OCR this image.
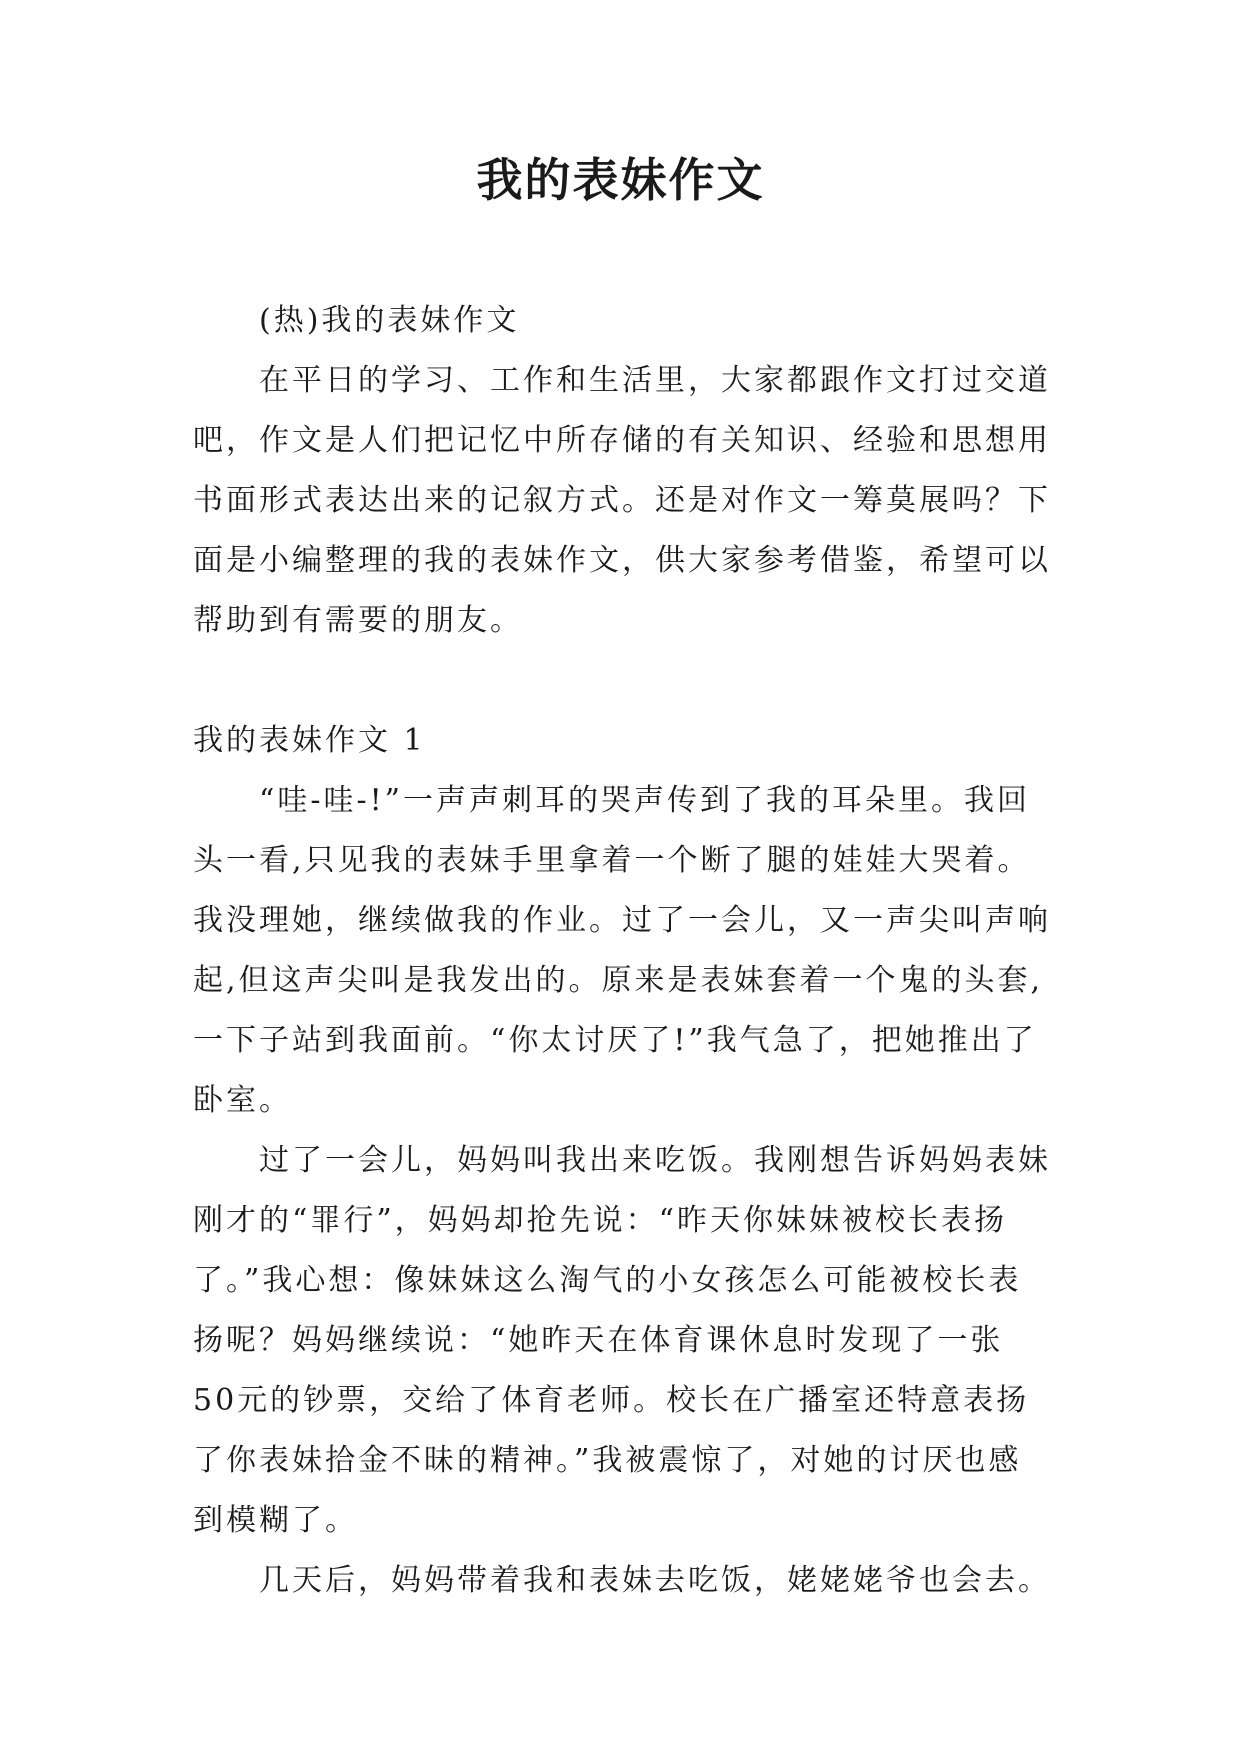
我的表妹作文

(热)我的表妹作文

在平日的学习、工作和生活里，大家都跟作文打过交道吧，作文是人们把记忆中所存储的有关知识、经验和思想用书面形式表达出来的记叙方式。还是对作文一筹莫展吗？下面是小编整理的我的表妹作文，供大家参考借鉴，希望可以帮助到有需要的朋友。

我的表妹作文 1

“哇-哇-!”一声声刺耳的哭声传到了我的耳朵里。我回头一看,只见我的表妹手里拿着一个断了腿的娃娃大哭着。我没理她，继续做我的作业。过了一会儿，又一声尖叫声响起,但这声尖叫是我发出的。原来是表妹套着一个鬼的头套,一下子站到我面前。“你太讨厌了!”我气急了，把她推出了卧室。

过了一会儿，妈妈叫我出来吃饭。我刚想告诉妈妈表妹刚才的“罪行”，妈妈却抢先说：“昨天你妹妹被校长表扬了。”我心想：像妹妹这么淘气的小女孩怎么可能被校长表扬呢？妈妈继续说：“她昨天在体育课休息时发现了一张 50元的钞票，交给了体育老师。校长在广播室还特意表扬了你表妹拾金不昧的精神。”我被震惊了，对她的讨厌也感到模糊了。

几天后，妈妈带着我和表妹去吃饭，姥姥姥爷也会去。
